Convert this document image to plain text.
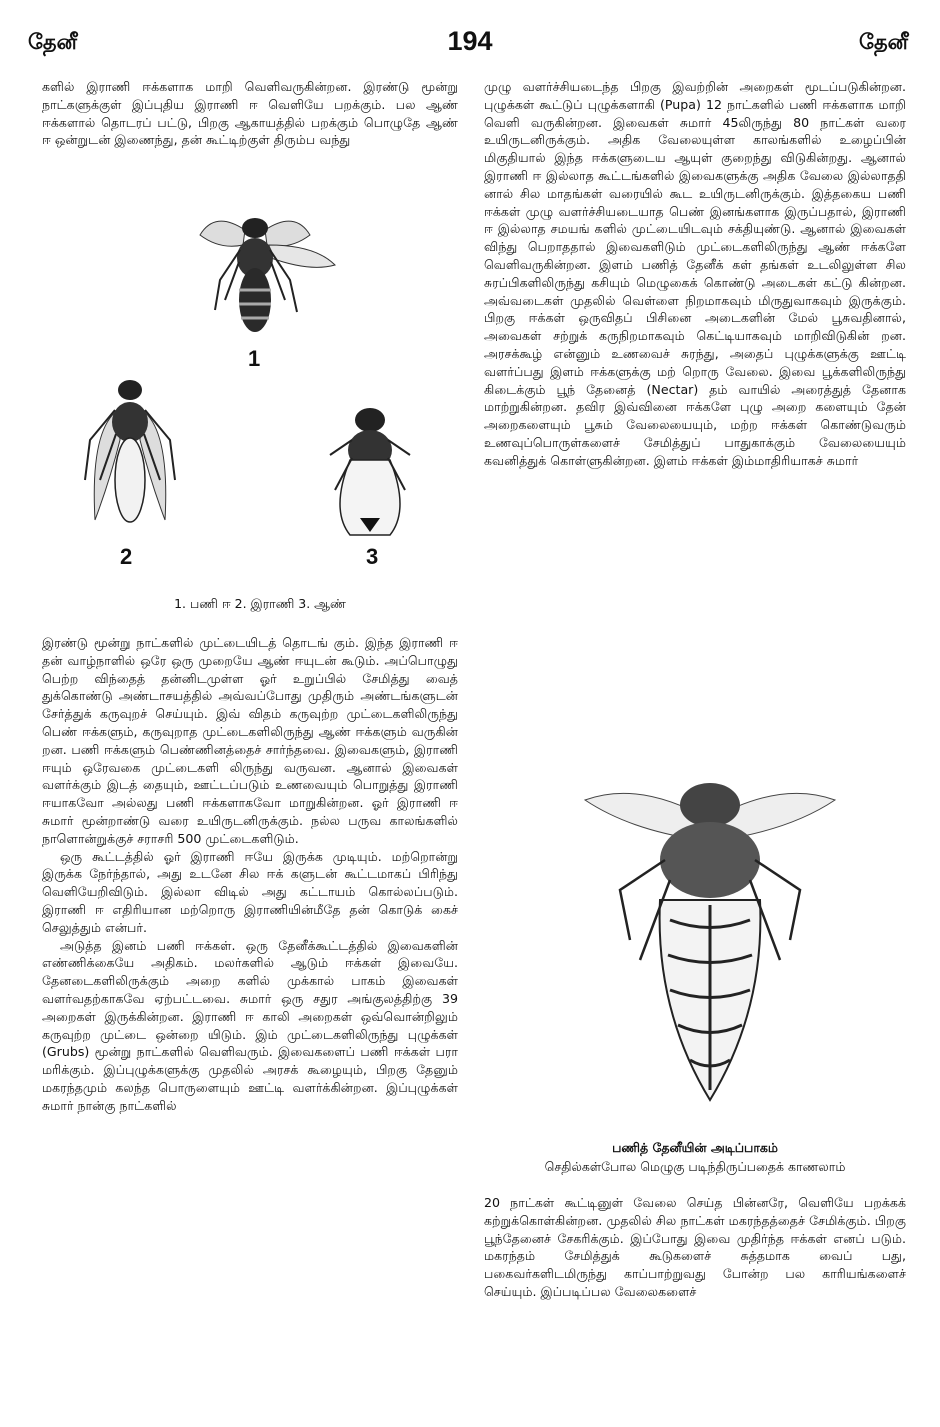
தேனீ	194	தேனீ

களில் இராணி ஈக்களாக மாறி வெளிவருகின்றன. இரண்டு மூன்று நாட்களுக்குள் இப்புதிய இராணி ஈ வெளியே பறக்கும். பல ஆண் ஈக்களால் தொடரப் பட்டு, பிறகு ஆகாயத்தில் பறக்கும் பொழுதே ஆண் ஈ ஒன்றுடன் இணைந்து, தன் கூட்டிற்குள் திரும்ப வந்து

1
2	3
1. பணி ஈ 2. இராணி 3. ஆண்

இரண்டு மூன்று நாட்களில் முட்டையிடத் தொடங் கும். இந்த இராணி ஈ தன் வாழ்நாளில் ஒரே ஒரு முறையே ஆண் ஈயுடன் கூடும். அப்பொழுது பெற்ற விந்தைத் தன்னிடமுள்ள ஓர் உறுப்பில் சேமித்து வைத் துக்கொண்டு அண்டாசயத்தில் அவ்வப்போது முதிரும் அண்டங்களுடன் சேர்த்துக் கருவுறச் செய்யும். இவ் விதம் கருவுற்ற முட்டைகளிலிருந்து பெண் ஈக்களும், கருவுறாத முட்டைகளிலிருந்து ஆண் ஈக்களும் வருகின் றன. பணி ஈக்களும் பெண்ணினத்தைச் சார்ந்தவை. இவைகளும், இராணி ஈயும் ஒரேவகை முட்டைகளி லிருந்து வருவன. ஆனால் இவைகள் வளர்க்கும் இடத் தையும், ஊட்டப்படும் உணவையும் பொறுத்து இராணி ஈயாகவோ அல்லது பணி ஈக்களாகவோ மாறுகின்றன. ஓர் இராணி ஈ சுமார் மூன்றாண்டு வரை உயிருடனிருக்கும். நல்ல பருவ காலங்களில் நாளொன்றுக்குச் சராசரி 500 முட்டைகளிடும்.

ஒரு கூட்டத்தில் ஓர் இராணி ஈயே இருக்க முடியும். மற்றொன்று இருக்க நேர்ந்தால், அது உடனே சில ஈக் களுடன் கூட்டமாகப் பிரிந்து வெளியேறிவிடும். இல்லா விடில் அது கட்டாயம் கொல்லப்படும். இராணி ஈ எதிரியான மற்றொரு இராணியின்மீதே தன் கொடுக் கைச் செலுத்தும் என்பர்.

அடுத்த இனம் பணி ஈக்கள். ஒரு தேனீக்கூட்டத்தில் இவைகளின் எண்ணிக்கையே அதிகம். மலர்களில் ஆடும் ஈக்கள் இவையே. தேனடைகளிலிருக்கும் அறை களில் முக்கால் பாகம் இவைகள் வளர்வதற்காகவே ஏற்பட்டவை. சுமார் ஒரு சதுர அங்குலத்திற்கு 39 அறைகள் இருக்கின்றன. இராணி ஈ காலி அறைகள் ஒவ்வொன்றிலும் கருவுற்ற முட்டை ஒன்றை யிடும். இம் முட்டைகளிலிருந்து புழுக்கள் (Grubs) மூன்று நாட்களில் வெளிவரும். இவைகளைப் பணி ஈக்கள் பரா மரிக்கும். இப்புழுக்களுக்கு முதலில் அரசக் கூழையும், பிறகு தேனும் மகரந்தமும் கலந்த பொருளையும் ஊட்டி வளர்க்கின்றன. இப்புழுக்கள் சுமார் நான்கு நாட்களில்

முழு வளர்ச்சியடைந்த பிறகு இவற்றின் அறைகள் மூடப்படுகின்றன. புழுக்கள் கூட்டுப் புழுக்களாகி (Pupa) 12 நாட்களில் பணி ஈக்களாக மாறி வெளி வருகின்றன. இவைகள் சுமார் 45லிருந்து 80 நாட்கள் வரை உயிருடனிருக்கும். அதிக வேலையுள்ள காலங்களில் உழைப்பின் மிகுதியால் இந்த ஈக்களுடைய ஆயுள் குறைந்து விடுகின்றது. ஆனால் இராணி ஈ இல்லாத கூட்டங்களில் இவைகளுக்கு அதிக வேலை இல்லாததி னால் சில மாதங்கள் வரையில் கூட உயிருடனிருக்கும். இத்தகைய பணி ஈக்கள் முழு வளர்ச்சியடையாத பெண் இனங்களாக இருப்பதால், இராணி ஈ இல்லாத சமயங் களில் முட்டையிடவும் சக்தியுண்டு. ஆனால் இவைகள் விந்து பெறாததால் இவைகளிடும் முட்டைகளிலிருந்து ஆண் ஈக்களே வெளிவருகின்றன. இளம் பணித் தேனீக் கள் தங்கள் உடலிலுள்ள சில சுரப்பிகளிலிருந்து கசியும் மெழுகைக் கொண்டு அடைகள் கட்டு கின்றன. அவ்வடைகள் முதலில் வெள்ளை நிறமாகவும் மிருதுவாகவும் இருக்கும். பிறகு ஈக்கள் ஒருவிதப் பிசினை அடைகளின் மேல் பூசுவதினால், அவைகள் சற்றுக் கருநிறமாகவும் கெட்டியாகவும் மாறிவிடுகின் றன. அரசக்கூழ் என்னும் உணவைச் சுரந்து, அதைப் புழுக்களுக்கு ஊட்டி வளர்ப்பது இளம் ஈக்களுக்கு மற் றொரு வேலை. இவை பூக்களிலிருந்து கிடைக்கும் பூந் தேனைத் (Nectar) தம் வாயில் அரைத்துத் தேனாக மாற்றுகின்றன. தவிர இவ்வினை ஈக்களே புழு அறை களையும் தேன் அறைகளையும் பூசும் வேலையையும், மற்ற ஈக்கள் கொண்டுவரும் உணவுப்பொருள்களைச் சேமித்துப் பாதுகாக்கும் வேலையையும் கவனித்துக் கொள்ளுகின்றன. இளம் ஈக்கள் இம்மாதிரியாகச் சுமார்

பணித் தேனீயின் அடிப்பாகம்
செதில்கள்போல மெழுகு படிந்திருப்பதைக் காணலாம்

20 நாட்கள் கூட்டினுள் வேலை செய்த பின்னரே, வெளியே பறக்கக் கற்றுக்கொள்கின்றன. முதலில் சில நாட்கள் மகரந்தத்தைச் சேமிக்கும். பிறகு பூந்தேனைச் சேகரிக்கும். இப்போது இவை முதிர்ந்த ஈக்கள் எனப் படும். மகரந்தம் சேமித்துக் கூடுகளைச் சுத்தமாக வைப் பது, பகைவர்களிடமிருந்து காப்பாற்றுவது போன்ற பல காரியங்களைச் செய்யும். இப்படிப்பல வேலைகளைச்
